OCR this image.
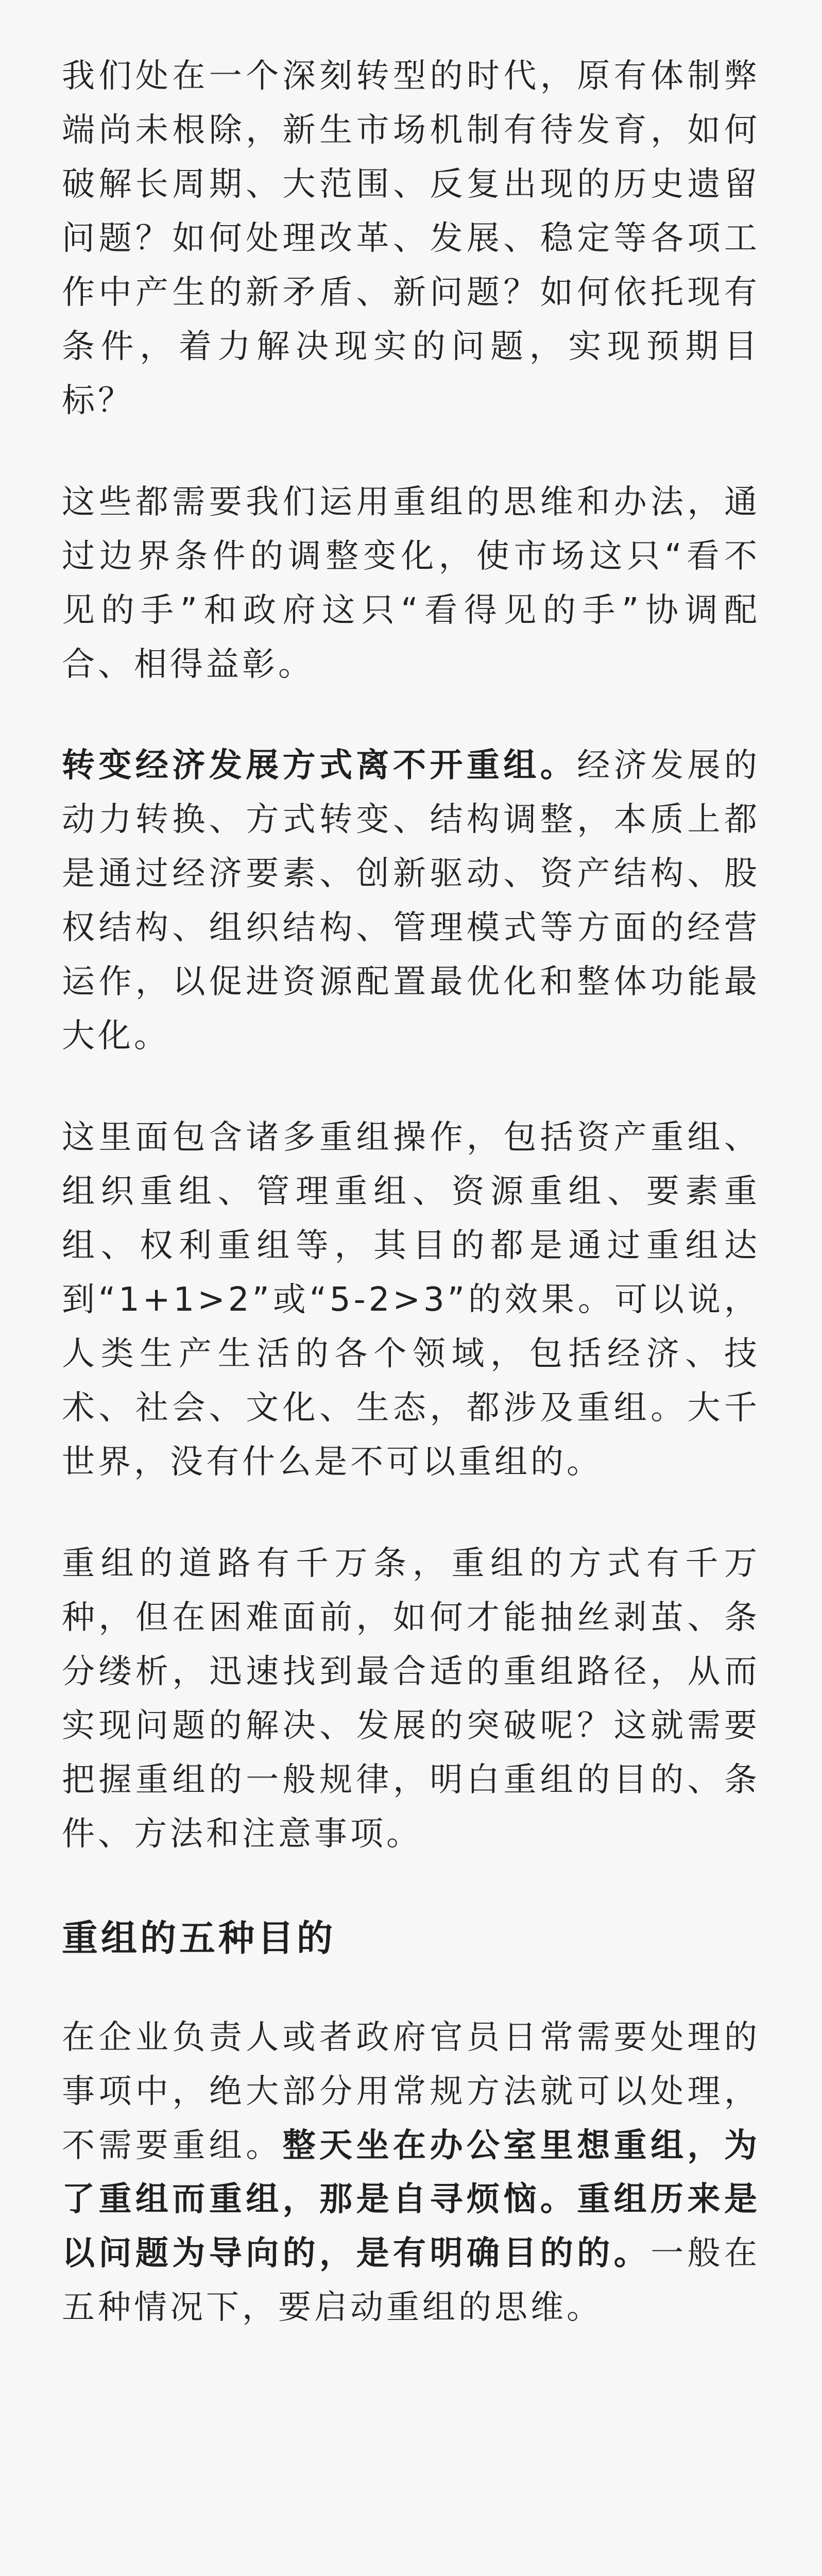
我们处在一个深刻转型的时代，原有体制弊端尚未根除，新生市场机制有待发育，如何破解长周期、大范围、反复出现的历史遗留问题？如何处理改革、发展、稳定等各项工作中产生的新矛盾、新问题？如何依托现有条件，着力解决现实的问题，实现预期目标？

这些都需要我们运用重组的思维和办法，通过边界条件的调整变化，使市场这只“看不见的手”和政府这只“看得见的手”协调配合、相得益彰。

转变经济发展方式离不开重组。经济发展的动力转换、方式转变、结构调整，本质上都是通过经济要素、创新驱动、资产结构、股权结构、组织结构、管理模式等方面的经营运作，以促进资源配置最优化和整体功能最大化。

这里面包含诸多重组操作，包括资产重组、组织重组、管理重组、资源重组、要素重组、权利重组等，其目的都是通过重组达到“1+1>2”或“5-2>3”的效果。可以说，人类生产生活的各个领域，包括经济、技术、社会、文化、生态，都涉及重组。大千世界，没有什么是不可以重组的。

重组的道路有千万条，重组的方式有千万种，但在困难面前，如何才能抽丝剥茧、条分缕析，迅速找到最合适的重组路径，从而实现问题的解决、发展的突破呢？这就需要把握重组的一般规律，明白重组的目的、条件、方法和注意事项。

重组的五种目的

在企业负责人或者政府官员日常需要处理的事项中，绝大部分用常规方法就可以处理，不需要重组。整天坐在办公室里想重组，为了重组而重组，那是自寻烦恼。重组历来是以问题为导向的，是有明确目的的。一般在五种情况下，要启动重组的思维。
